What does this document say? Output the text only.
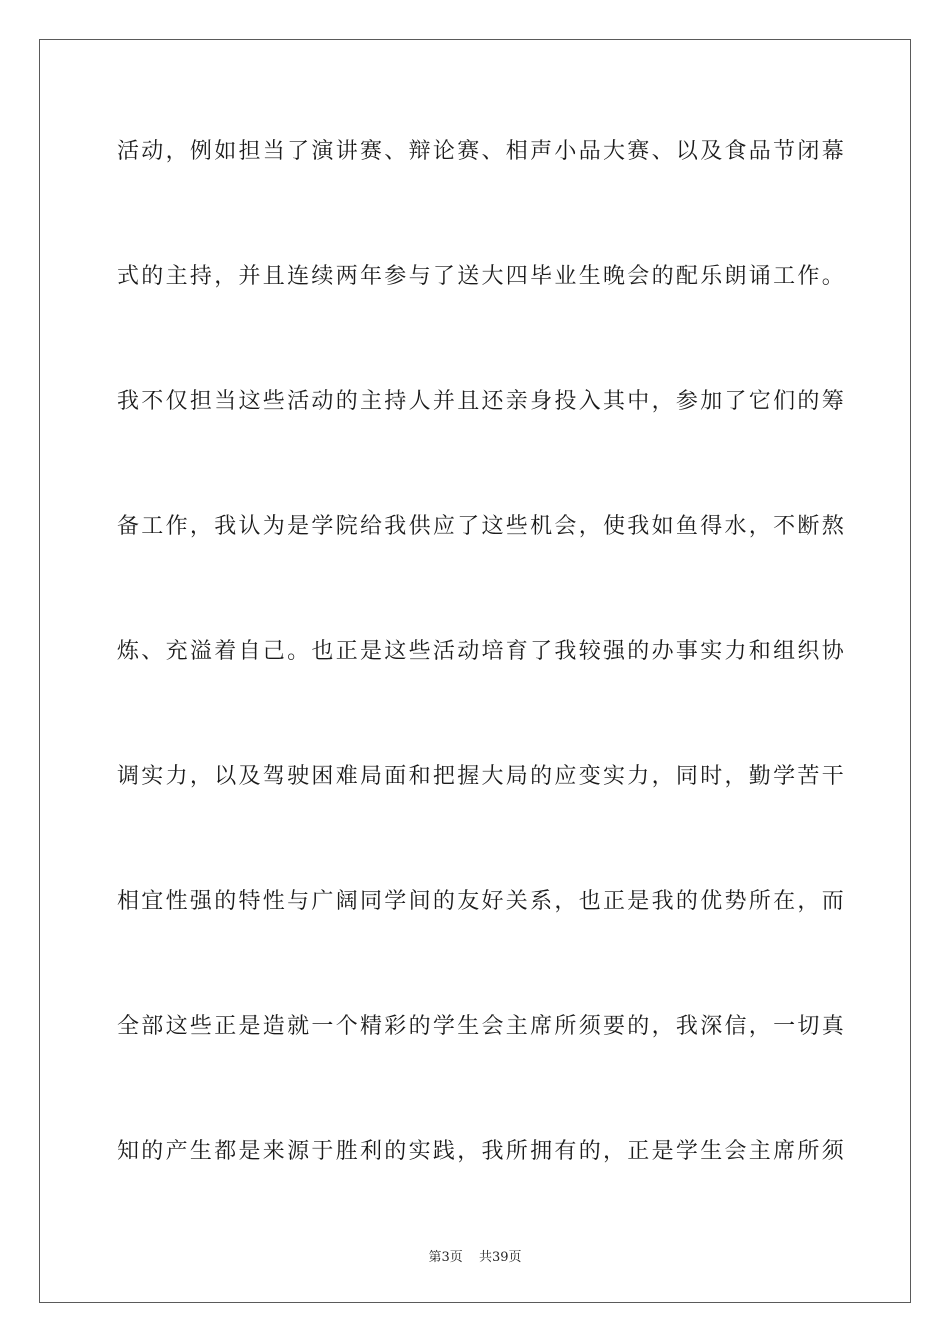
活动，例如担当了演讲赛、辩论赛、相声小品大赛、以及食品节闭幕
式的主持，并且连续两年参与了送大四毕业生晚会的配乐朗诵工作。
我不仅担当这些活动的主持人并且还亲身投入其中，参加了它们的筹
备工作，我认为是学院给我供应了这些机会，使我如鱼得水，不断熬
炼、充溢着自己。也正是这些活动培育了我较强的办事实力和组织协
调实力，以及驾驶困难局面和把握大局的应变实力，同时，勤学苦干
相宜性强的特性与广阔同学间的友好关系，也正是我的优势所在，而
全部这些正是造就一个精彩的学生会主席所须要的，我深信，一切真
知的产生都是来源于胜利的实践，我所拥有的，正是学生会主席所须
第3页 共39页
